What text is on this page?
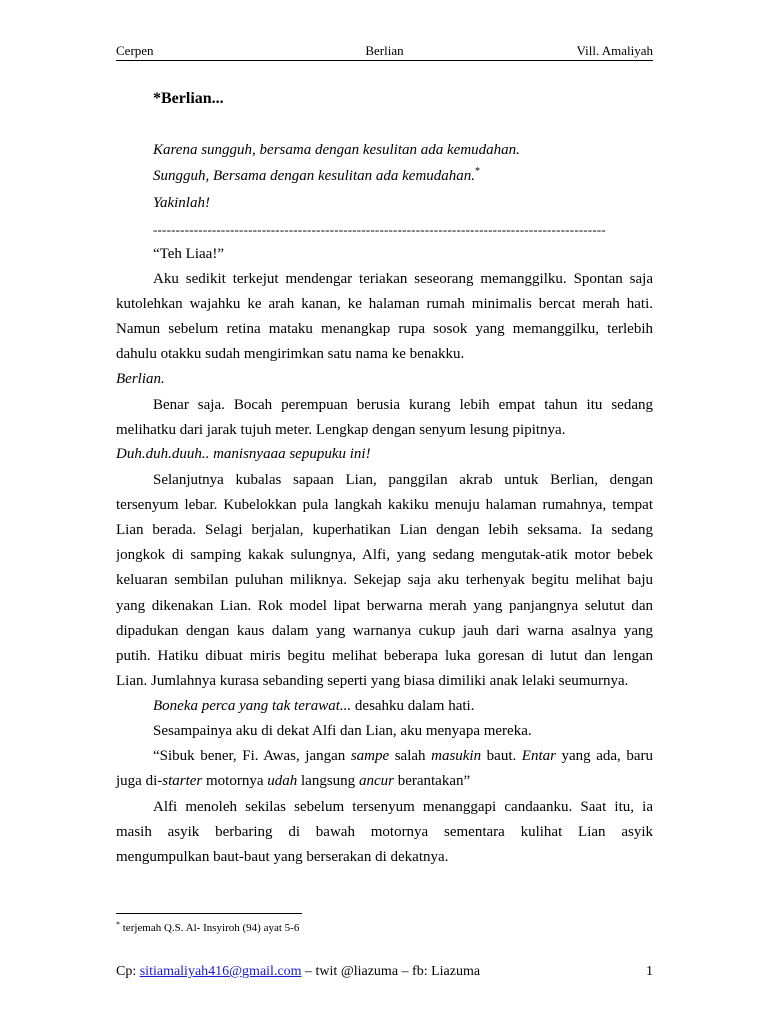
Cerpen	Berlian	Vill. Amaliyah
*Berlian...
Karena sungguh, bersama dengan kesulitan ada kemudahan.
Sungguh, Bersama dengan kesulitan ada kemudahan.*
Yakinlah!
----------------------------------------------------------------------------------------------------
“Teh Liaa!”
Aku sedikit terkejut mendengar teriakan seseorang memanggilku. Spontan saja
kutolehkan wajahku ke arah kanan, ke halaman rumah minimalis bercat merah hati.
Namun sebelum retina mataku menangkap rupa sosok yang memanggilku, terlebih
dahulu otakku sudah mengirimkan satu nama ke benakku.
Berlian.
Benar saja. Bocah perempuan berusia kurang lebih empat tahun itu sedang
melihatku dari jarak tujuh meter. Lengkap dengan senyum lesung pipitnya.
Duh.duh.duuh.. manisnyaaa sepupuku ini!
Selanjutnya kubalas sapaan Lian, panggilan akrab untuk Berlian, dengan
tersenyum lebar. Kubelokkan pula langkah kakiku menuju halaman rumahnya, tempat
Lian berada. Selagi berjalan, kuperhatikan Lian dengan lebih seksama. Ia sedang
jongkok di samping kakak sulungnya, Alfi, yang sedang mengutak-atik motor bebek
keluaran sembilan puluhan miliknya. Sekejap saja aku terhenyak begitu melihat baju
yang dikenakan Lian. Rok model lipat berwarna merah yang panjangnya selutut dan
dipadukan dengan kaus dalam yang warnanya cukup jauh dari warna asalnya yang
putih. Hatiku dibuat miris begitu melihat beberapa luka goresan di lutut dan lengan
Lian. Jumlahnya kurasa sebanding seperti yang biasa dimiliki anak lelaki seumurnya.
Boneka perca yang tak terawat... desahku dalam hati.
Sesampainya aku di dekat Alfi dan Lian, aku menyapa mereka.
“Sibuk bener, Fi. Awas, jangan sampe salah masukin baut. Entar yang ada, baru
juga di-starter motornya udah langsung ancur berantakan”
Alfi menoleh sekilas sebelum tersenyum menanggapi candaanku. Saat itu, ia
masih asyik berbaring di bawah motornya sementara kulihat Lian asyik
mengumpulkan baut-baut yang berserakan di dekatnya.
* terjemah Q.S. Al- Insyiroh (94) ayat 5-6
Cp: sitiamaliyah416@gmail.com – twit @liazuma – fb: Liazuma	1
